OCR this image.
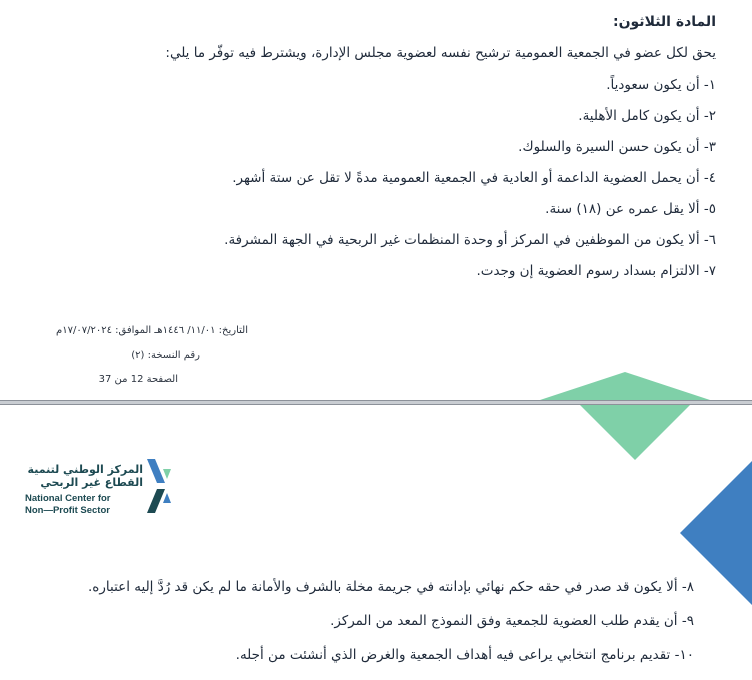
المادة الثلاثون:

يحق لكل عضو في الجمعية العمومية ترشيح نفسه لعضوية مجلس الإدارة، ويشترط فيه توفّر ما يلي:

١- أن يكون سعودياً.
٢- أن يكون كامل الأهلية.
٣- أن يكون حسن السيرة والسلوك.
٤- أن يحمل العضوية الداعمة أو العادية في الجمعية العمومية مدةً لا تقل عن ستة أشهر.
٥- ألا يقل عمره عن (١٨) سنة.
٦- ألا يكون من الموظفين في المركز أو وحدة المنظمات غير الربحية في الجهة المشرفة.
٧- الالتزام بسداد رسوم العضوية إن وجدت.
التاريخ: ١١/٠١/ ١٤٤٦هـ الموافق: ١٧/٠٧/٢٠٢٤م
رقم النسخة: (٢)
الصفحة 12 من 37
المركز الوطني لتنمية
القطاع غير الربحي
National Center for
Non—Profit Sector
٨- ألا يكون قد صدر في حقه حكم نهائي بإدانته في جريمة مخلة بالشرف والأمانة ما لم يكن قد رُدَّ إليه اعتباره.
٩- أن يقدم طلب العضوية للجمعية وفق النموذج المعد من المركز.
١٠- تقديم برنامج انتخابي يراعى فيه أهداف الجمعية والغرض الذي أنشئت من أجله.
